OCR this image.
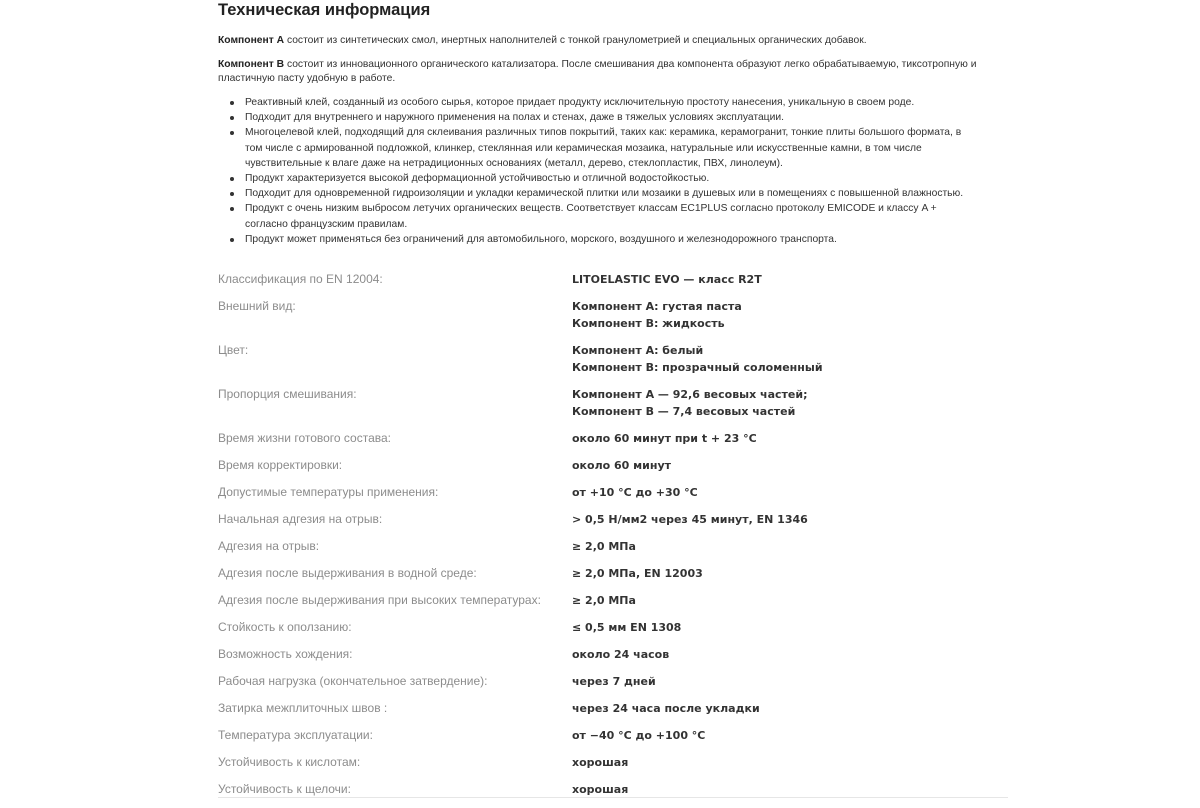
Техническая информация

Компонент А состоит из синтетических смол, инертных наполнителей с тонкой гранулометрией и специальных органических добавок.

Компонент В состоит из инновационного органического катализатора. После смешивания два компонента образуют легко обрабатываемую, тиксотропную и пластичную пасту удобную в работе.

Реактивный клей, созданный из особого сырья, которое придает продукту исключительную простоту нанесения, уникальную в своем роде.
Подходит для внутреннего и наружного применения на полах и стенах, даже в тяжелых условиях эксплуатации.
Многоцелевой клей, подходящий для склеивания различных типов покрытий, таких как: керамика, керамогранит, тонкие плиты большого формата, в том числе с армированной подложкой, клинкер, стеклянная или керамическая мозаика, натуральные или искусственные камни, в том числе чувствительные к влаге даже на нетрадиционных основаниях (металл, дерево, стеклопластик, ПВХ, линолеум).
Продукт характеризуется высокой деформационной устойчивостью и отличной водостойкостью.
Подходит для одновременной гидроизоляции и укладки керамической плитки или мозаики в душевых или в помещениях с повышенной влажностью.
Продукт с очень низким выбросом летучих органических веществ. Соответствует классам EC1PLUS согласно протоколу EMICODE и классу A + согласно французским правилам.
Продукт может применяться без ограничений для автомобильного, морского, воздушного и железнодорожного транспорта.
Классификация по EN 12004:	LITOELASTIC EVO — класс R2T
Внешний вид:	Компонент А: густая паста
Компонент В: жидкость
Цвет:	Компонент А: белый
Компонент В: прозрачный соломенный
Пропорция смешивания:	Компонент А — 92,6 весовых частей;
Компонент В — 7,4 весовых частей
Время жизни готового состава:	около 60 минут при t + 23 °С
Время корректировки:	около 60 минут
Допустимые температуры применения:	от +10 °С до +30 °С
Начальная адгезия на отрыв:	> 0,5 Н/мм2 через 45 минут, EN 1346
Адгезия на отрыв:	≥ 2,0 МПа
Адгезия после выдерживания в водной среде:	≥ 2,0 МПа, EN 12003
Адгезия после выдерживания при высоких температурах:	≥ 2,0 МПа
Стойкость к оползанию:	≤ 0,5 мм EN 1308
Возможность хождения:	около 24 часов
Рабочая нагрузка (окончательное затвердение):	через 7 дней
Затирка межплиточных швов :	через 24 часа после укладки
Температура эксплуатации:	от −40 °С до +100 °С
Устойчивость к кислотам:	хорошая
Устойчивость к щелочи:	хорошая
